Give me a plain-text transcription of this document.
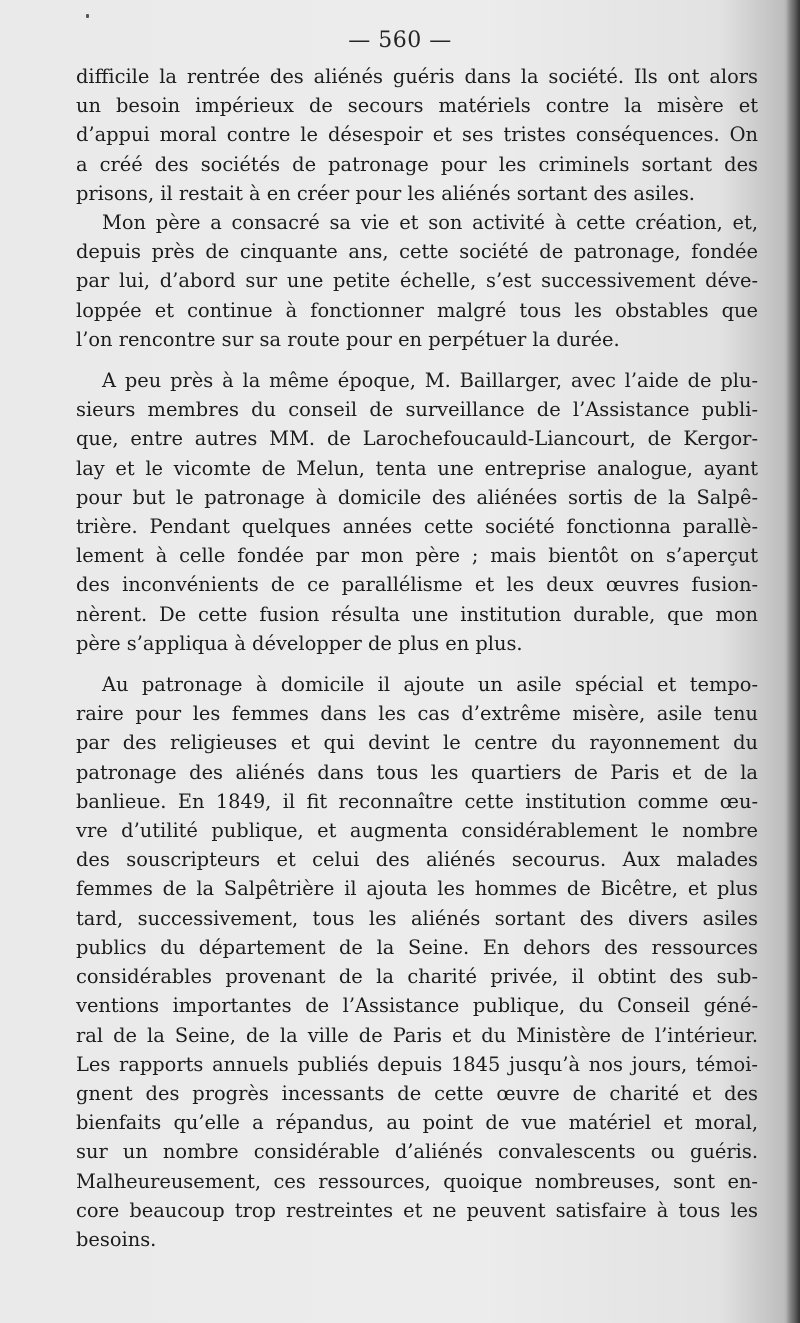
— 560 —
difficile la rentrée des aliénés guéris dans la société. Ils ont alors
un besoin impérieux de secours matériels contre la misère et
d’appui moral contre le désespoir et ses tristes conséquences. On
a créé des sociétés de patronage pour les criminels sortant des
prisons, il restait à en créer pour les aliénés sortant des asiles.
Mon père a consacré sa vie et son activité à cette création, et,
depuis près de cinquante ans, cette société de patronage, fondée
par lui, d’abord sur une petite échelle, s’est successivement déve-
loppée et continue à fonctionner malgré tous les obstables que
l’on rencontre sur sa route pour en perpétuer la durée.
A peu près à la même époque, M. Baillarger, avec l’aide de plu-
sieurs membres du conseil de surveillance de l’Assistance publi-
que, entre autres MM. de Larochefoucauld-Liancourt, de Kergor-
lay et le vicomte de Melun, tenta une entreprise analogue, ayant
pour but le patronage à domicile des aliénées sortis de la Salpê-
trière. Pendant quelques années cette société fonctionna parallè-
lement à celle fondée par mon père ; mais bientôt on s’aperçut
des inconvénients de ce parallélisme et les deux œuvres fusion-
nèrent. De cette fusion résulta une institution durable, que mon
père s’appliqua à développer de plus en plus.
Au patronage à domicile il ajoute un asile spécial et tempo-
raire pour les femmes dans les cas d’extrême misère, asile tenu
par des religieuses et qui devint le centre du rayonnement du
patronage des aliénés dans tous les quartiers de Paris et de la
banlieue. En 1849, il fit reconnaître cette institution comme œu-
vre d’utilité publique, et augmenta considérablement le nombre
des souscripteurs et celui des aliénés secourus. Aux malades
femmes de la Salpêtrière il ajouta les hommes de Bicêtre, et plus
tard, successivement, tous les aliénés sortant des divers asiles
publics du département de la Seine. En dehors des ressources
considérables provenant de la charité privée, il obtint des sub-
ventions importantes de l’Assistance publique, du Conseil géné-
ral de la Seine, de la ville de Paris et du Ministère de l’intérieur.
Les rapports annuels publiés depuis 1845 jusqu’à nos jours, témoi-
gnent des progrès incessants de cette œuvre de charité et des
bienfaits qu’elle a répandus, au point de vue matériel et moral,
sur un nombre considérable d’aliénés convalescents ou guéris.
Malheureusement, ces ressources, quoique nombreuses, sont en-
core beaucoup trop restreintes et ne peuvent satisfaire à tous les
besoins.
